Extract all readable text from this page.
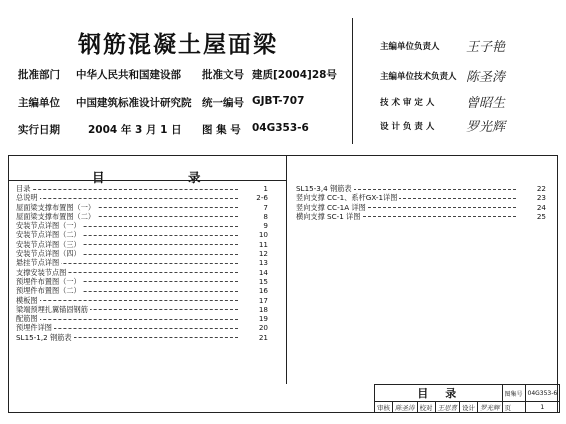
钢筋混凝土屋面梁
批准部门 中华人民共和国建设部 批准文号 建质[2004]28号
主编单位 中国建筑标准设计研究院 统一编号 GJBT-707
实行日期	2004 年 3 月 1 日 图 集 号 04G353-6
主编单位负责人 王子艳
主编单位技术负责人 陈圣涛
技 术 审 定 人 曾昭生
设 计 负 责 人 罗光辉
目	录
目录	1
总说明	2-6
屋面梁支撑布置图（一）	7
屋面梁支撑布置图（二）	8
安装节点详图（一）	9
安装节点详图（二）	10
安装节点详图（三）	11
安装节点详图（四）	12
悬挂节点详图	13
支撑安装节点图	14
预埋件布置图（一）	15
预埋件布置图（二）	16
模板图	17
梁端预埋扎翼锚固钢筋	18
配筋图	19
预埋件详图	20
SL15-1,2 钢筋表	21
SL15-3,4 钢筋表	22
竖向支撑 CC-1、系杆GX-1详图	23
竖向支撑 CC-1A 详图	24
横向支撑 SC-1 详图	25
目　录						图集号	04G353-6
审核	陈圣涛	校对	王思喜	设计	罗光辉	页	1
